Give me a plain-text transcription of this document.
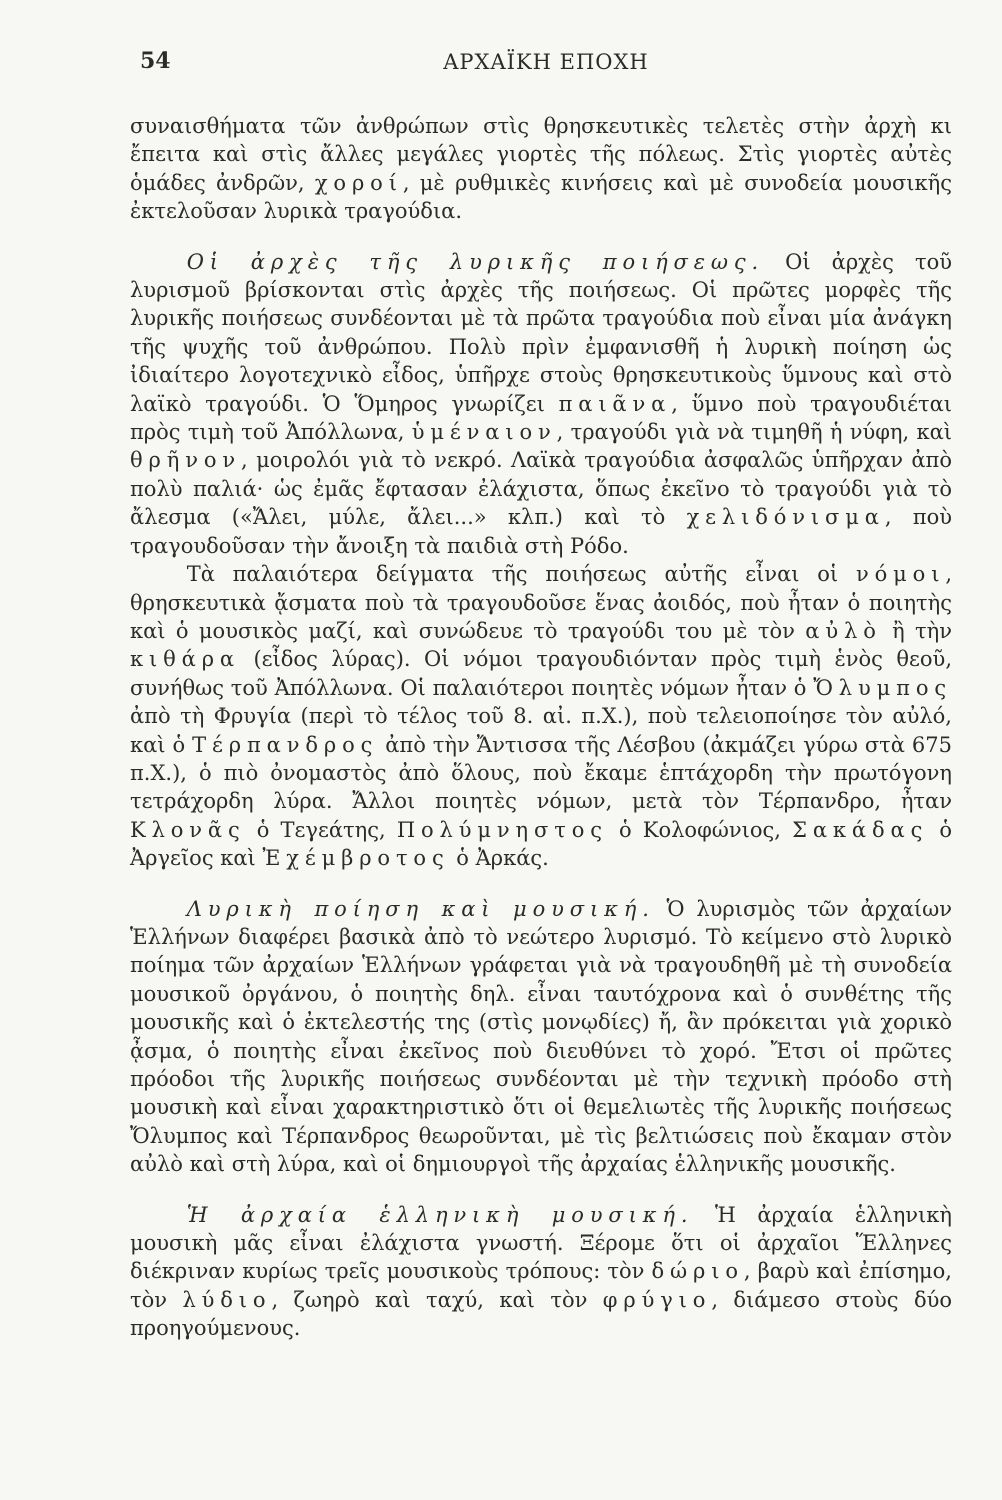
54	ΑΡΧΑΪΚΗ ΕΠΟΧΗ

συναισθήματα τῶν ἀνθρώπων στὶς θρησκευτικὲς τελετὲς στὴν ἀρχὴ κι ἔπειτα καὶ στὶς ἄλλες μεγάλες γιορτὲς τῆς πόλεως. Στὶς γιορτὲς αὐτὲς ὁμάδες ἀνδρῶν, χοροί, μὲ ρυθμικὲς κινήσεις καὶ μὲ συνοδεία μουσικῆς ἐκτελοῦσαν λυρικὰ τραγούδια.

Οἱ ἀρχὲς τῆς λυρικῆς ποιήσεως. Οἱ ἀρχὲς τοῦ λυρισμοῦ βρίσκονται στὶς ἀρχὲς τῆς ποιήσεως. Οἱ πρῶτες μορφὲς τῆς λυρικῆς ποιήσεως συνδέονται μὲ τὰ πρῶτα τραγούδια ποὺ εἶναι μία ἀνάγκη τῆς ψυχῆς τοῦ ἀνθρώπου. Πολὺ πρὶν ἐμφανισθῆ ἡ λυρικὴ ποίηση ὡς ἰδιαίτερο λογοτεχνικὸ εἶδος, ὑπῆρχε στοὺς θρησκευτικοὺς ὕμνους καὶ στὸ λαϊκὸ τραγούδι. Ὁ Ὅμηρος γνωρίζει παιᾶνα, ὕμνο ποὺ τραγουδιέται πρὸς τιμὴ τοῦ Ἀπόλλωνα, ὑμέναιον, τραγούδι γιὰ νὰ τιμηθῆ ἡ νύφη, καὶ θρῆνον, μοιρολόι γιὰ τὸ νεκρό. Λαϊκὰ τραγούδια ἀσφαλῶς ὑπῆρχαν ἀπὸ πολὺ παλιά· ὡς ἐμᾶς ἔφτασαν ἐλάχιστα, ὅπως ἐκεῖνο τὸ τραγούδι γιὰ τὸ ἄλεσμα («Ἄλει, μύλε, ἄλει...» κλπ.) καὶ τὸ χελιδόνισμα, ποὺ τραγουδοῦσαν τὴν ἄνοιξη τὰ παιδιὰ στὴ Ρόδο.

Τὰ παλαιότερα δείγματα τῆς ποιήσεως αὐτῆς εἶναι οἱ νόμοι, θρησκευτικὰ ᾄσματα ποὺ τὰ τραγουδοῦσε ἕνας ἀοιδός, ποὺ ἦταν ὁ ποιητὴς καὶ ὁ μουσικὸς μαζί, καὶ συνώδευε τὸ τραγούδι του μὲ τὸν αὐλὸ ἢ τὴν κιθάρα (εἶδος λύρας). Οἱ νόμοι τραγουδιόνταν πρὸς τιμὴ ἑνὸς θεοῦ, συνήθως τοῦ Ἀπόλλωνα. Οἱ παλαιότεροι ποιητὲς νόμων ἦταν ὁ Ὄλυμπος ἀπὸ τὴ Φρυγία (περὶ τὸ τέλος τοῦ 8. αἰ. π.Χ.), ποὺ τελειοποίησε τὸν αὐλό, καὶ ὁ Τέρπανδρος ἀπὸ τὴν Ἄντισσα τῆς Λέσβου (ἀκμάζει γύρω στὰ 675 π.Χ.), ὁ πιὸ ὀνομαστὸς ἀπὸ ὅλους, ποὺ ἔκαμε ἑπτάχορδη τὴν πρωτόγονη τετράχορδη λύρα. Ἄλλοι ποιητὲς νόμων, μετὰ τὸν Τέρπανδρο, ἦταν Κλονᾶς ὁ Τεγεάτης, Πολύμνηστος ὁ Κολοφώνιος, Σακάδας ὁ Ἀργεῖος καὶ Ἐχέμβροτος ὁ Ἀρκάς.

Λυρικὴ ποίηση καὶ μουσική. Ὁ λυρισμὸς τῶν ἀρχαίων Ἑλλήνων διαφέρει βασικὰ ἀπὸ τὸ νεώτερο λυρισμό. Τὸ κείμενο στὸ λυρικὸ ποίημα τῶν ἀρχαίων Ἑλλήνων γράφεται γιὰ νὰ τραγουδηθῆ μὲ τὴ συνοδεία μουσικοῦ ὀργάνου, ὁ ποιητὴς δηλ. εἶναι ταυτόχρονα καὶ ὁ συνθέτης τῆς μουσικῆς καὶ ὁ ἐκτελεστής της (στὶς μονῳδίες) ἤ, ἂν πρόκειται γιὰ χορικὸ ᾆσμα, ὁ ποιητὴς εἶναι ἐκεῖνος ποὺ διευθύνει τὸ χορό. Ἔτσι οἱ πρῶτες πρόοδοι τῆς λυρικῆς ποιήσεως συνδέονται μὲ τὴν τεχνικὴ πρόοδο στὴ μουσικὴ καὶ εἶναι χαρακτηριστικὸ ὅτι οἱ θεμελιωτὲς τῆς λυρικῆς ποιήσεως Ὄλυμπος καὶ Τέρπανδρος θεωροῦνται, μὲ τὶς βελτιώσεις ποὺ ἔκαμαν στὸν αὐλὸ καὶ στὴ λύρα, καὶ οἱ δημιουργοὶ τῆς ἀρχαίας ἑλληνικῆς μουσικῆς.

Ἡ ἀρχαία ἑλληνικὴ μουσική. Ἡ ἀρχαία ἑλληνικὴ μουσικὴ μᾶς εἶναι ἐλάχιστα γνωστή. Ξέρομε ὅτι οἱ ἀρχαῖοι Ἕλληνες διέκριναν κυρίως τρεῖς μουσικοὺς τρόπους: τὸν δώριο, βαρὺ καὶ ἐπίσημο, τὸν λύδιο, ζωηρὸ καὶ ταχύ, καὶ τὸν φρύγιο, διάμεσο στοὺς δύο προηγούμενους.
